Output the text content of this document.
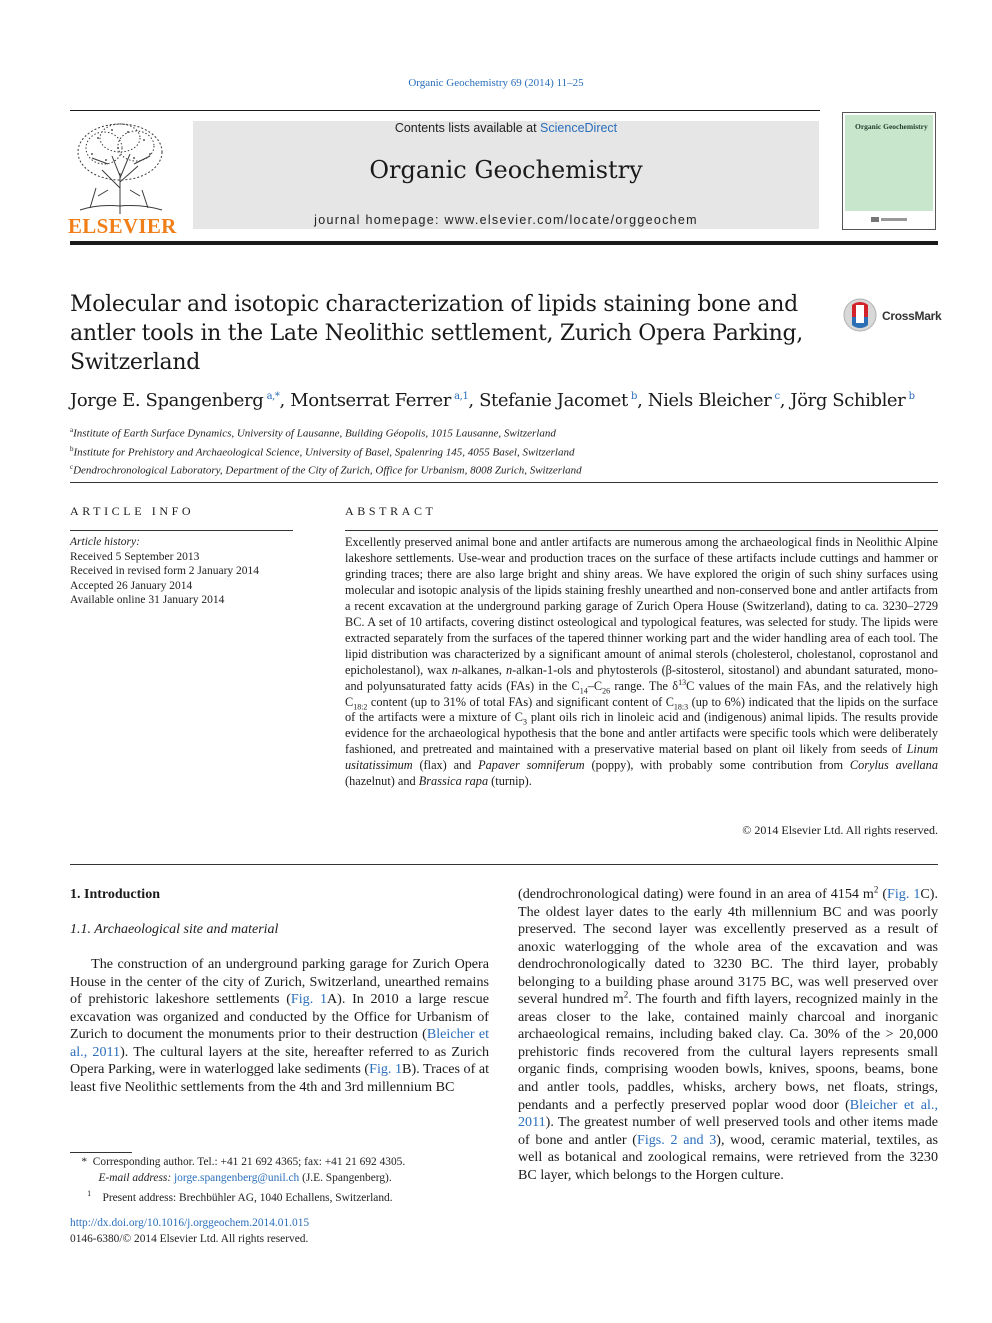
Organic Geochemistry 69 (2014) 11–25
ELSEVIER
Contents lists available at ScienceDirect
Organic Geochemistry
journal homepage: www.elsevier.com/locate/orggeochem
Organic Geochemistry
Molecular and isotopic characterization of lipids staining bone and antler tools in the Late Neolithic settlement, Zurich Opera Parking, Switzerland
CrossMark
Jorge E. Spangenberg  $^{a,*}$, Montserrat Ferrer  $^{a,1}$, Stefanie Jacomet  $^b$, Niels Bleicher  $^c$, Jörg Schibler  $^b$
$^a$Institute of Earth Surface Dynamics, University of Lausanne, Building Géopolis, 1015 Lausanne, Switzerland
$^b$Institute for Prehistory and Archaeological Science, University of Basel, Spalenring 145, 4055 Basel, Switzerland
$^c$Dendrochronological Laboratory, Department of the City of Zurich, Office for Urbanism, 8008 Zurich, Switzerland
ARTICLE INFO
Article history:
Received 5 September 2013
Received in revised form 2 January 2014
Accepted 26 January 2014
Available online 31 January 2014
ABSTRACT
Excellently preserved animal bone and antler artifacts are numerous among the archaeological finds in Neolithic Alpine lakeshore settlements. Use-wear and production traces on the surface of these artifacts include cuttings and hammer or grinding traces; there are also large bright and shiny areas. We have explored the origin of such shiny surfaces using molecular and isotopic analysis of the lipids staining freshly unearthed and non-conserved bone and antler artifacts from a recent excavation at the underground parking garage of Zurich Opera House (Switzerland), dating to ca. 3230–2729 BC. A set of 10 artifacts, covering distinct osteological and typological features, was selected for study. The lipids were extracted separately from the surfaces of the tapered thinner working part and the wider handling area of each tool. The lipid distribution was characterized by a significant amount of animal sterols (cholesterol, cholestanol, coprostanol and epicholestanol), wax n-alkanes, n-alkan-1-ols and phytosterols (β-sitosterol, sitostanol) and abundant saturated, mono- and polyunsaturated fatty acids (FAs) in the $C_{14}-C_{26}$ range. The $\delta^{13}C$ values of the main FAs, and the relatively high $C_{18:2}$ content (up to 31% of total FAs) and significant content of $C_{18:3}$ (up to 6%) indicated that the lipids on the surface of the artifacts were a mixture of $C_3$ plant oils rich in linoleic acid and (indigenous) animal lipids. The results provide evidence for the archaeological hypothesis that the bone and antler artifacts were specific tools which were deliberately fashioned, and pretreated and maintained with a preservative material based on plant oil likely from seeds of Linum usitatissimum (flax) and Papaver somniferum (poppy), with probably some contribution from Corylus avellana (hazelnut) and Brassica rapa (turnip).
© 2014 Elsevier Ltd. All rights reserved.
1. Introduction
1.1. Archaeological site and material
  The construction of an underground parking garage for Zurich Opera House in the center of the city of Zurich, Switzerland, unearthed remains of prehistoric lakeshore settlements (Fig. 1A). In 2010 a large rescue excavation was organized and conducted by the Office for Urbanism of Zurich to document the monuments prior to their destruction (Bleicher et al., 2011). The cultural layers at the site, hereafter referred to as Zurich Opera Parking, were in waterlogged lake sediments (Fig. 1B). Traces of at least five Neolithic settlements from the 4th and 3rd millennium BC
(dendrochronological dating) were found in an area of 4154 $m^2$ (Fig. 1C). The oldest layer dates to the early 4th millennium BC and was poorly preserved. The second layer was excellently preserved as a result of anoxic waterlogging of the whole area of the excavation and was dendrochronologically dated to 3230 BC. The third layer, probably belonging to a building phase around 3175 BC, was well preserved over several hundred $m^2$. The fourth and fifth layers, recognized mainly in the areas closer to the lake, contained mainly charcoal and inorganic archaeological remains, including baked clay. Ca. 30% of the > 20,000 prehistoric finds recovered from the cultural layers represents small organic finds, comprising wooden bowls, knives, spoons, beams, bone and antler tools, paddles, whisks, archery bows, net floats, strings, pendants and a perfectly preserved poplar wood door (Bleicher et al., 2011). The greatest number of well preserved tools and other items made of bone and antler (Figs. 2 and 3), wood, ceramic material, textiles, as well as botanical and zoological remains, were retrieved from the 3230 BC layer, which belongs to the Horgen culture.
  *  Corresponding author. Tel.: +41 21 692 4365; fax: +41 21 692 4305.
   E-mail address: jorge.spangenberg@unil.ch (J.E. Spangenberg).
   $^1$   Present address: Brechbühler AG, 1040 Echallens, Switzerland.
http://dx.doi.org/10.1016/j.orggeochem.2014.01.015
0146-6380/© 2014 Elsevier Ltd. All rights reserved.
